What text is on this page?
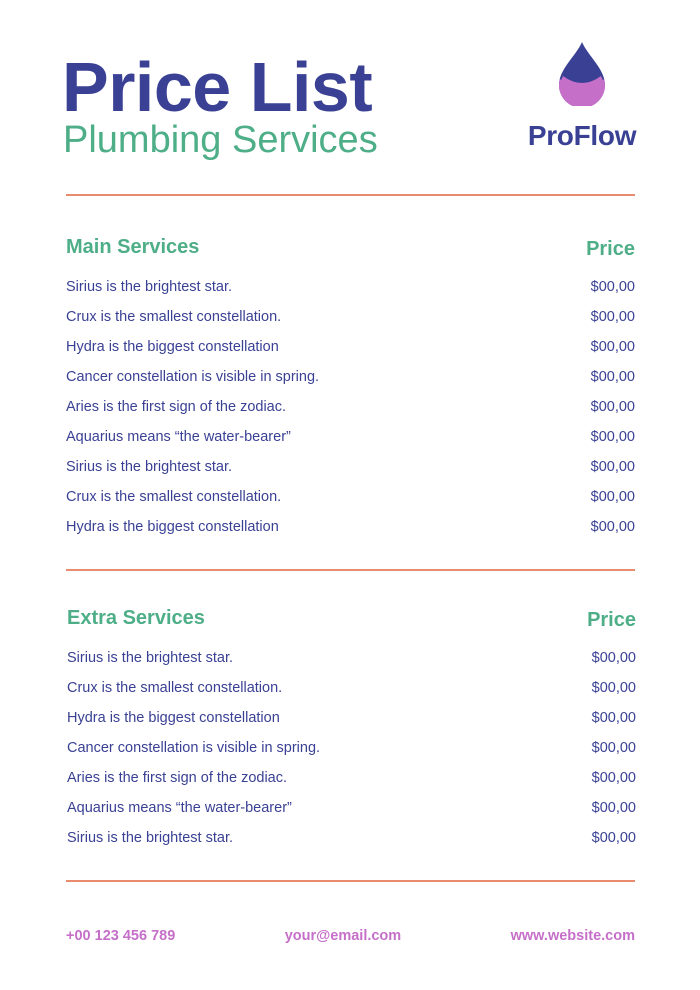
Price List
Plumbing Services	ProFlow
Main Services	Price
Sirius is the brightest star.	$00,00
Crux is the smallest constellation.	$00,00
Hydra is the biggest constellation	$00,00
Cancer constellation is visible in spring.	$00,00
Aries is the first sign of the zodiac.	$00,00
Aquarius means “the water-bearer”	$00,00
Sirius is the brightest star.	$00,00
Crux is the smallest constellation.	$00,00
Hydra is the biggest constellation	$00,00
Extra Services	Price
Sirius is the brightest star.	$00,00
Crux is the smallest constellation.	$00,00
Hydra is the biggest constellation	$00,00
Cancer constellation is visible in spring.	$00,00
Aries is the first sign of the zodiac.	$00,00
Aquarius means “the water-bearer”	$00,00
Sirius is the brightest star.	$00,00
+00 123 456 789	your@email.com	www.website.com
